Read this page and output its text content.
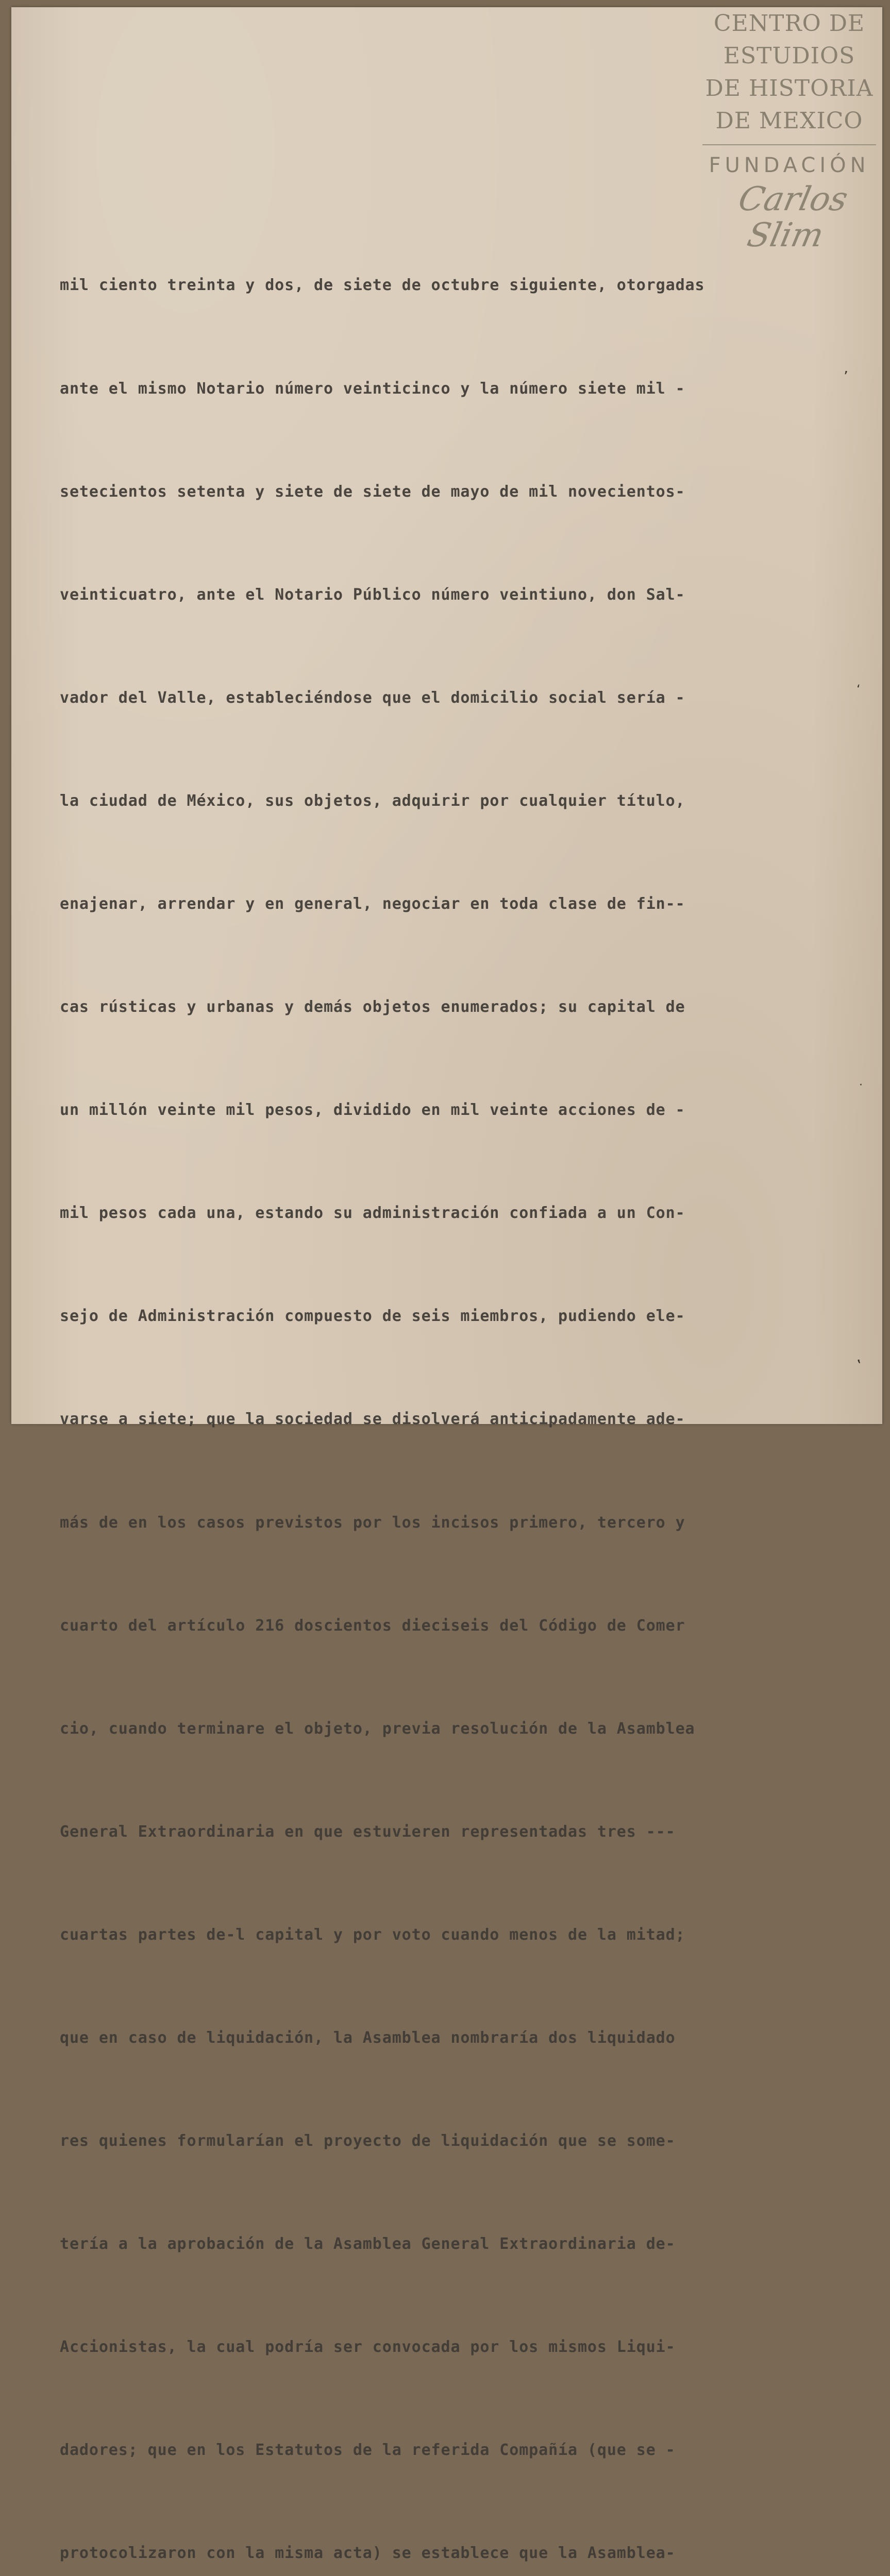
CENTRO DE
ESTUDIOS
DE HISTORIA
DE MEXICO
FUNDACIÓN
Carlos Slim

mil ciento treinta y dos, de siete de octubre siguiente, otorgadas

ante el mismo Notario número veinticinco y la número siete mil -

setecientos setenta y siete de siete de mayo de mil novecientos-

veinticuatro, ante el Notario Público número veintiuno, don Sal-

vador del Valle, estableciéndose que el domicilio social sería -

la ciudad de México, sus objetos, adquirir por cualquier título,

enajenar, arrendar y en general, negociar en toda clase de fin--

cas rústicas y urbanas y demás objetos enumerados; su capital de

un millón veinte mil pesos, dividido en mil veinte acciones de -

mil pesos cada una, estando su administración confiada a un Con-

sejo de Administración compuesto de seis miembros, pudiendo ele-

varse a siete; que la sociedad se disolverá anticipadamente ade-

más de en los casos previstos por los incisos primero, tercero y

cuarto del artículo 216 doscientos dieciseis del Código de Comer

cio, cuando terminare el objeto, previa resolución de la Asamblea

General Extraordinaria en que estuvieren representadas tres ---

cuartas partes de-l capital y por voto cuando menos de la mitad;

que en caso de liquidación, la Asamblea nombraría dos liquidado

res quienes formularían el proyecto de liquidación que se some-

tería a la aprobación de la Asamblea General Extraordinaria de-

Accionistas, la cual podría ser convocada por los mismos Liqui-

dadores; que en los Estatutos de la referida Compañía (que se -

protocolizaron con la misma acta) se establece que la Asamblea-

’
‘
·
‛
